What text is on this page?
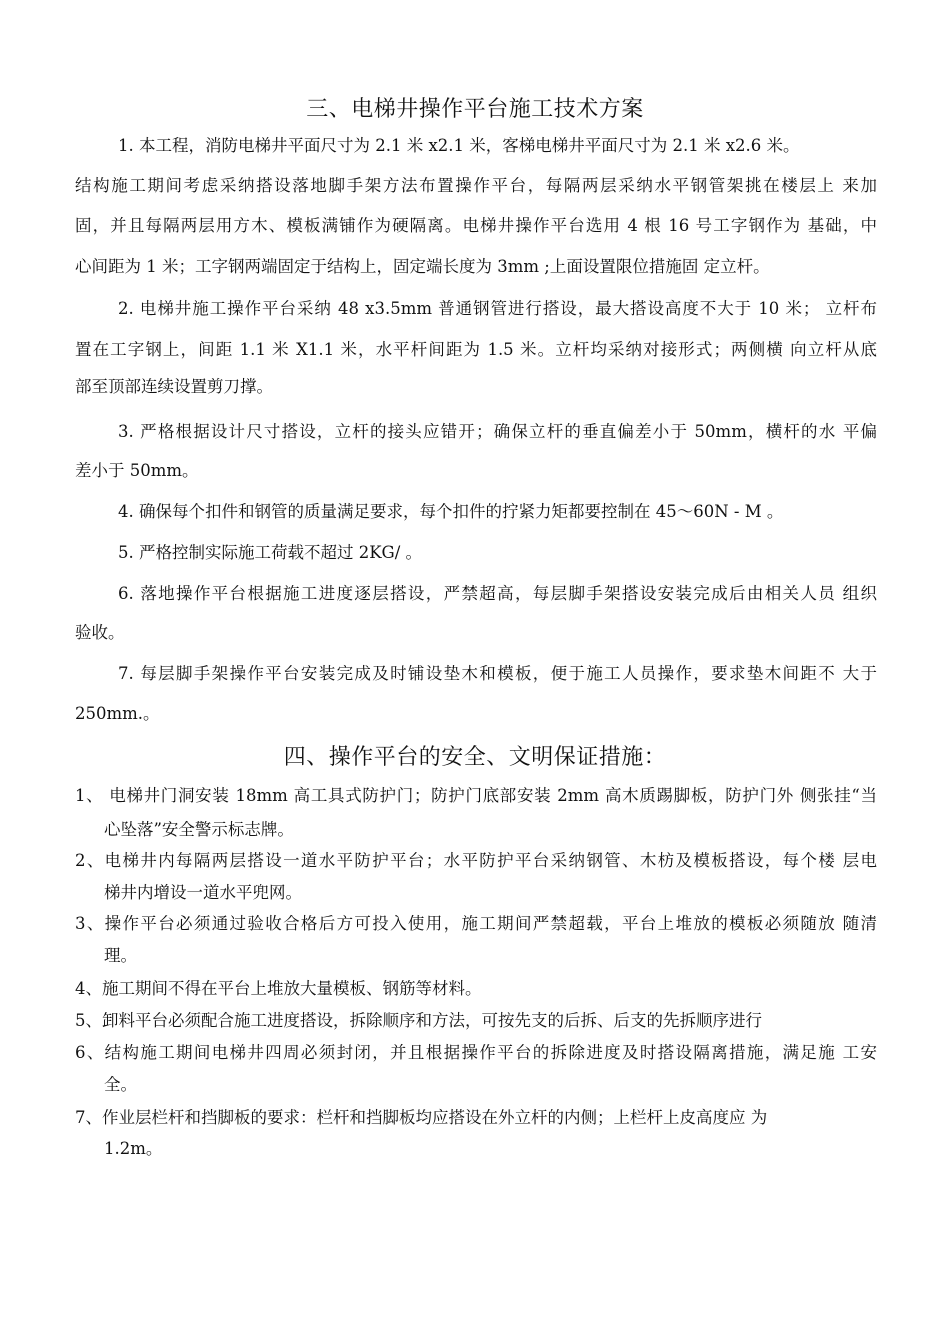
三、电梯井操作平台施工技术方案
1. 本工程，消防电梯井平面尺寸为 2.1 米 x2.1 米，客梯电梯井平面尺寸为 2.1 米 x2.6 米。
结构施工期间考虑采纳搭设落地脚手架方法布置操作平台，每隔两层采纳水平钢管架挑在楼层上 来加
固，并且每隔两层用方木、模板满铺作为硬隔离。电梯井操作平台选用 4 根 16 号工字钢作为 基础，中
心间距为 1 米；工字钢两端固定于结构上，固定端长度为 3mm ;上面设置限位措施固 定立杆。
2. 电梯井施工操作平台采纳 48 x3.5mm 普通钢管进行搭设，最大搭设高度不大于 10 米； 立杆布
置在工字钢上，间距 1.1 米 X1.1 米，水平杆间距为 1.5 米。立杆均采纳对接形式；两侧横 向立杆从底
部至顶部连续设置剪刀撑。
3. 严格根据设计尺寸搭设，立杆的接头应错开；确保立杆的垂直偏差小于 50mm，横杆的水 平偏
差小于 50mm。
4. 确保每个扣件和钢管的质量满足要求，每个扣件的拧紧力矩都要控制在 45〜60N - M 。
5. 严格控制实际施工荷载不超过 2KG/ 。
6. 落地操作平台根据施工进度逐层搭设，严禁超高，每层脚手架搭设安装完成后由相关人员 组织
验收。
7. 每层脚手架操作平台安装完成及时铺设垫木和模板，便于施工人员操作，要求垫木间距不 大于
250mm.。
四、操作平台的安全、文明保证措施：
1、 电梯井门洞安装 18mm 高工具式防护门；防护门底部安装 2mm 高木质踢脚板，防护门外 侧张挂“当
心坠落”安全警示标志牌。
2、电梯井内每隔两层搭设一道水平防护平台；水平防护平台采纳钢管、木枋及模板搭设，每个楼 层电
梯井内增设一道水平兜网。
3、操作平台必须通过验收合格后方可投入使用，施工期间严禁超载，平台上堆放的模板必须随放 随清
理。
4、施工期间不得在平台上堆放大量模板、钢筋等材料。
5、卸料平台必须配合施工进度搭设，拆除顺序和方法，可按先支的后拆、后支的先拆顺序进行
6、结构施工期间电梯井四周必须封闭，并且根据操作平台的拆除进度及时搭设隔离措施，满足施 工安
全。
7、作业层栏杆和挡脚板的要求：栏杆和挡脚板均应搭设在外立杆的内侧；上栏杆上皮高度应 为
1.2m。
